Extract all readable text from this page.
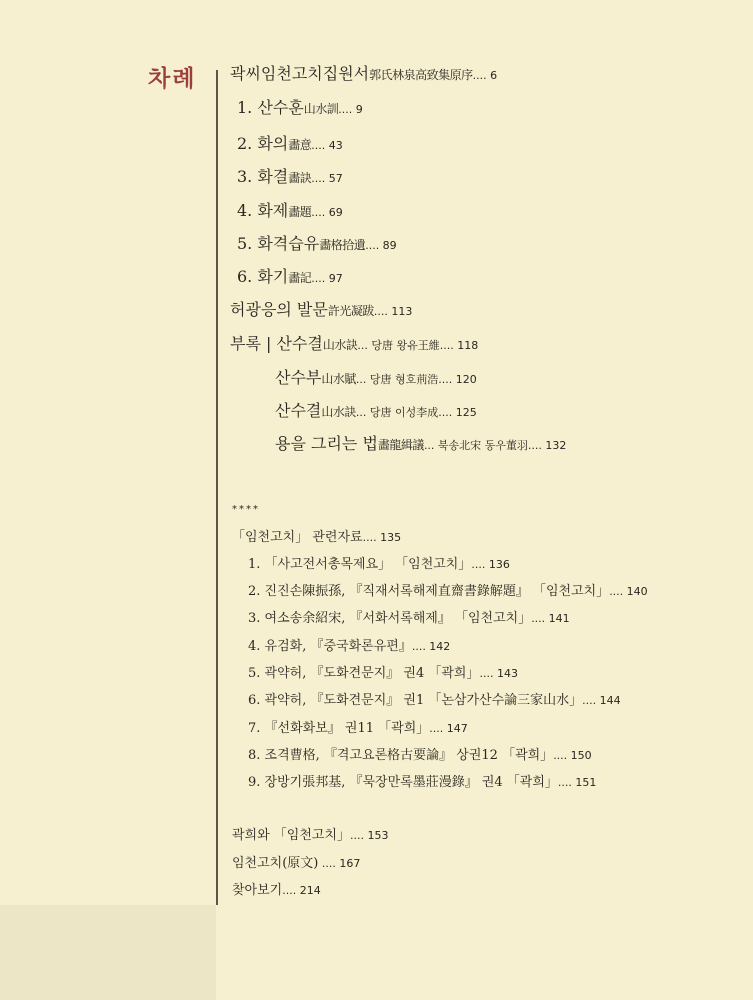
차례 곽씨임천고치집원서郭氏林泉高致集原序.... 6
1. 산수훈山水訓.... 9
2. 화의畵意.... 43
3. 화결畵訣.... 57
4. 화제畵題.... 69
5. 화격습유畵格拾遺.... 89
6. 화기畵記.... 97
허광응의 발문許光凝跋.... 113
부록 | 산수결山水訣... 당唐 왕유王維.... 118
산수부山水賦... 당唐 형호荊浩.... 120
산수결山水訣... 당唐 이성李成.... 125
용을 그리는 법畵龍緝議... 북송北宋 동우董羽.... 132
****
「임천고치」 관련자료.... 135
1. 「사고전서총목제요」 「임천고치」.... 136
2. 진진손陳振孫, 『직재서록해제直齋書錄解題』 「임천고치」.... 140
3. 여소송余紹宋, 『서화서록해제』 「임천고치」.... 141
4. 유검화, 『중국화론유편』.... 142
5. 곽약허, 『도화견문지』 권4 「곽희」.... 143
6. 곽약허, 『도화견문지』 권1 「논삼가산수論三家山水」.... 144
7. 『선화화보』 권11 「곽희」.... 147
8. 조격曹格, 『격고요론格古要論』 상권12 「곽희」.... 150
9. 장방기張邦基, 『묵장만록墨莊漫錄』 권4 「곽희」.... 151
곽희와 「임천고치」.... 153
임천고치(原文) .... 167
찾아보기.... 214
